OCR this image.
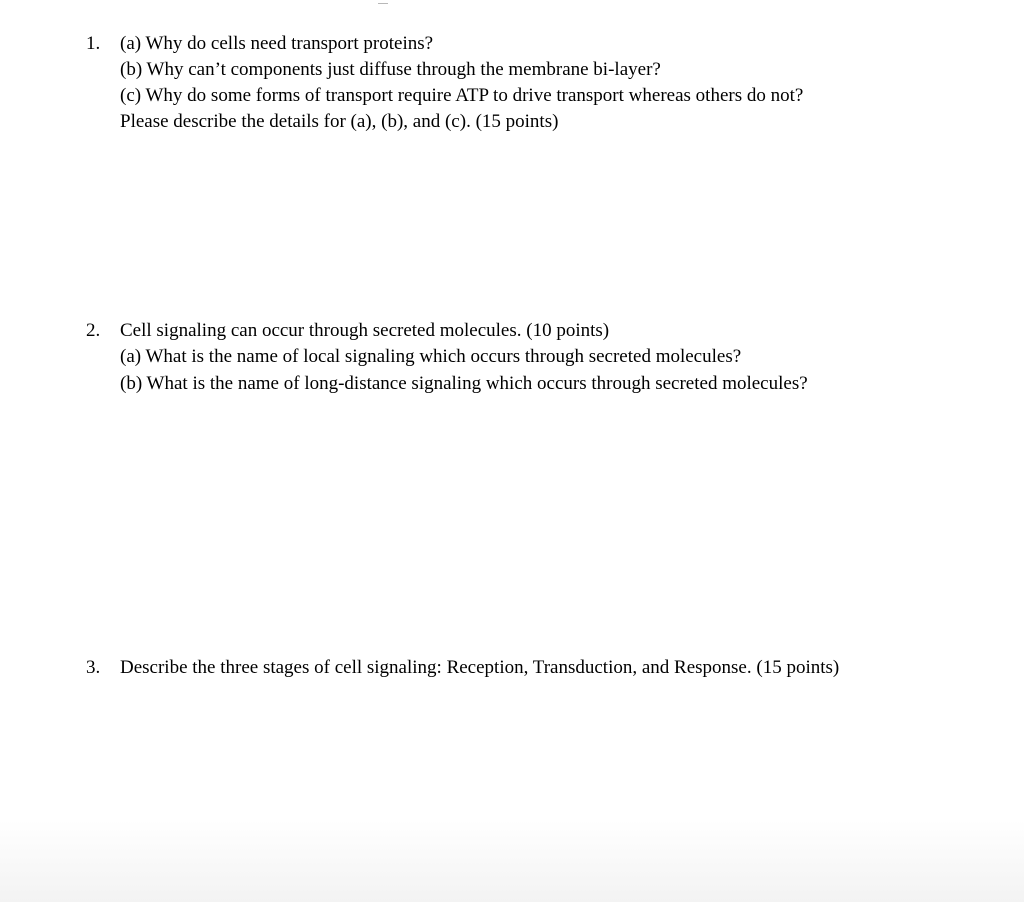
1. (a) Why do cells need transport proteins?
(b) Why can’t components just diffuse through the membrane bi-layer?
(c) Why do some forms of transport require ATP to drive transport whereas others do not?
Please describe the details for (a), (b), and (c). (15 points)
2. Cell signaling can occur through secreted molecules. (10 points)
(a) What is the name of local signaling which occurs through secreted molecules?
(b) What is the name of long-distance signaling which occurs through secreted molecules?
3. Describe the three stages of cell signaling: Reception, Transduction, and Response. (15 points)
